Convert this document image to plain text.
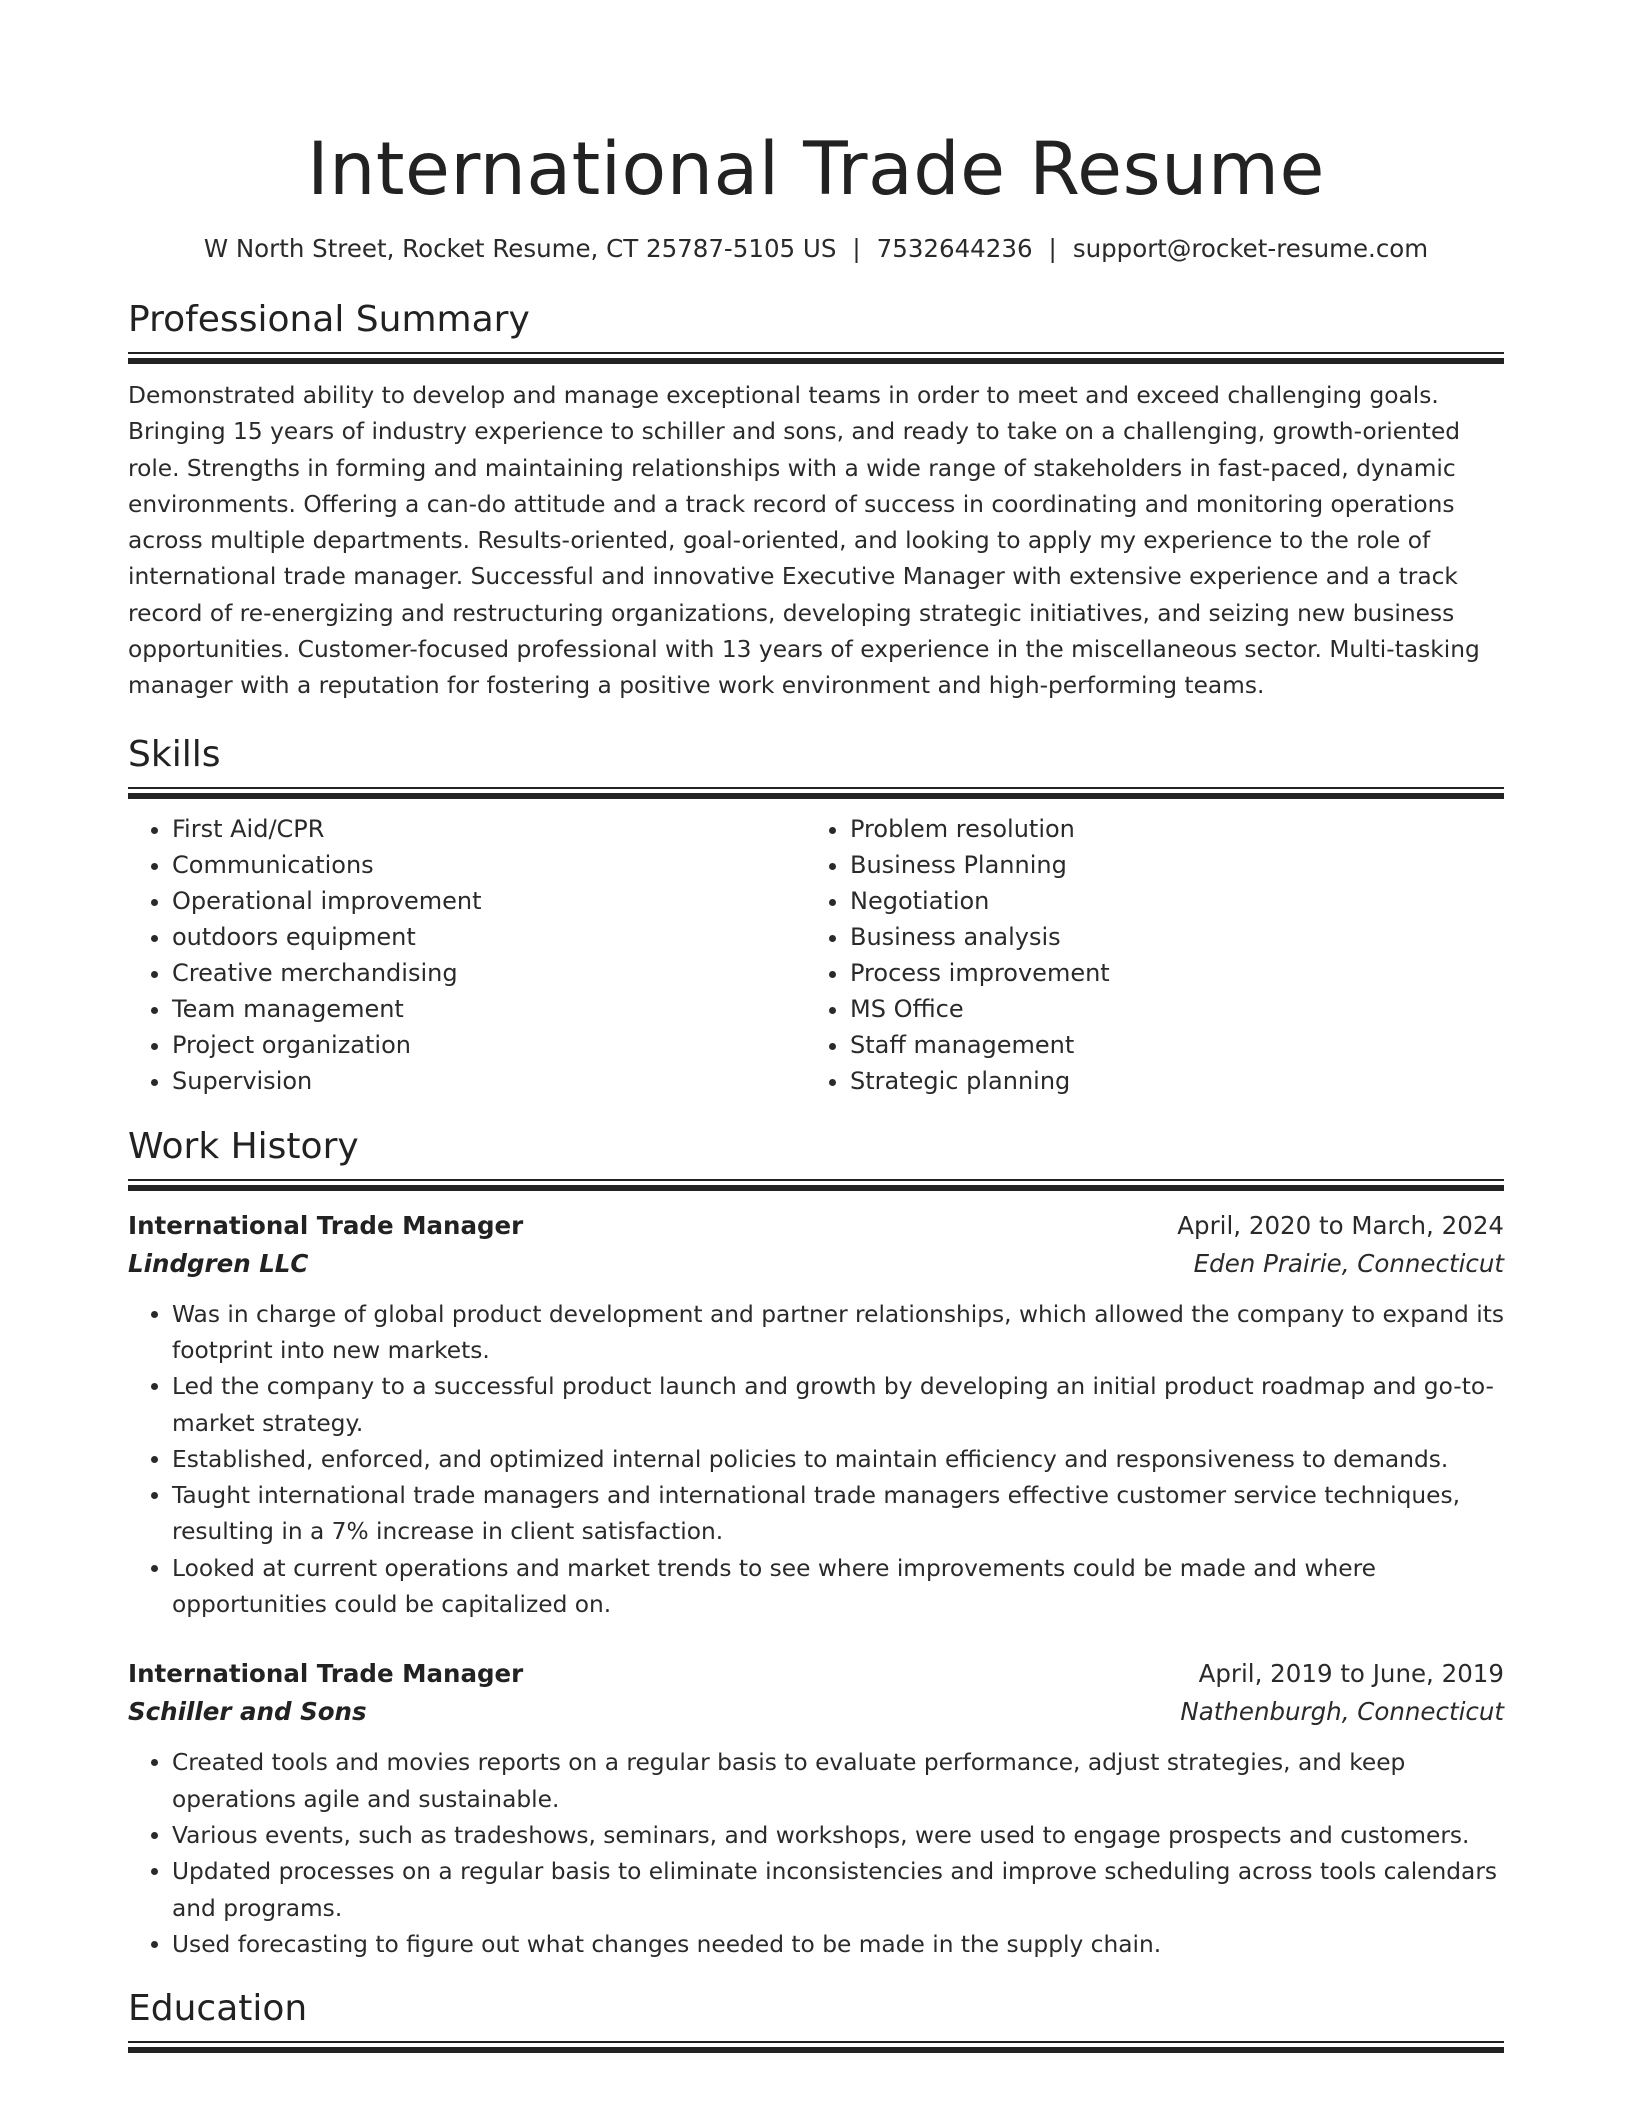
International Trade Resume
W North Street, Rocket Resume, CT 25787-5105 US | 7532644236 | support@rocket-resume.com
Professional Summary

Demonstrated ability to develop and manage exceptional teams in order to meet and exceed challenging goals. Bringing 15 years of industry experience to schiller and sons, and ready to take on a challenging, growth-oriented role. Strengths in forming and maintaining relationships with a wide range of stakeholders in fast-paced, dynamic environments. Offering a can-do attitude and a track record of success in coordinating and monitoring operations across multiple departments. Results-oriented, goal-oriented, and looking to apply my experience to the role of international trade manager. Successful and innovative Executive Manager with extensive experience and a track record of re-energizing and restructuring organizations, developing strategic initiatives, and seizing new business opportunities. Customer-focused professional with 13 years of experience in the miscellaneous sector. Multi-tasking manager with a reputation for fostering a positive work environment and high-performing teams.

Skills
• First Aid/CPR
• Communications
• Operational improvement
• outdoors equipment
• Creative merchandising
• Team management
• Project organization
• Supervision
• Problem resolution
• Business Planning
• Negotiation
• Business analysis
• Process improvement
• MS Office
• Staff management
• Strategic planning
Work History
International Trade Manager	April, 2020 to March, 2024
Lindgren LLC	Eden Prairie, Connecticut
• Was in charge of global product development and partner relationships, which allowed the company to expand its footprint into new markets.
• Led the company to a successful product launch and growth by developing an initial product roadmap and go-to-market strategy.
• Established, enforced, and optimized internal policies to maintain efficiency and responsiveness to demands.
• Taught international trade managers and international trade managers effective customer service techniques, resulting in a 7% increase in client satisfaction.
• Looked at current operations and market trends to see where improvements could be made and where opportunities could be capitalized on.
International Trade Manager	April, 2019 to June, 2019
Schiller and Sons	Nathenburgh, Connecticut
• Created tools and movies reports on a regular basis to evaluate performance, adjust strategies, and keep operations agile and sustainable.
• Various events, such as tradeshows, seminars, and workshops, were used to engage prospects and customers.
• Updated processes on a regular basis to eliminate inconsistencies and improve scheduling across tools calendars and programs.
• Used forecasting to figure out what changes needed to be made in the supply chain.
Education
